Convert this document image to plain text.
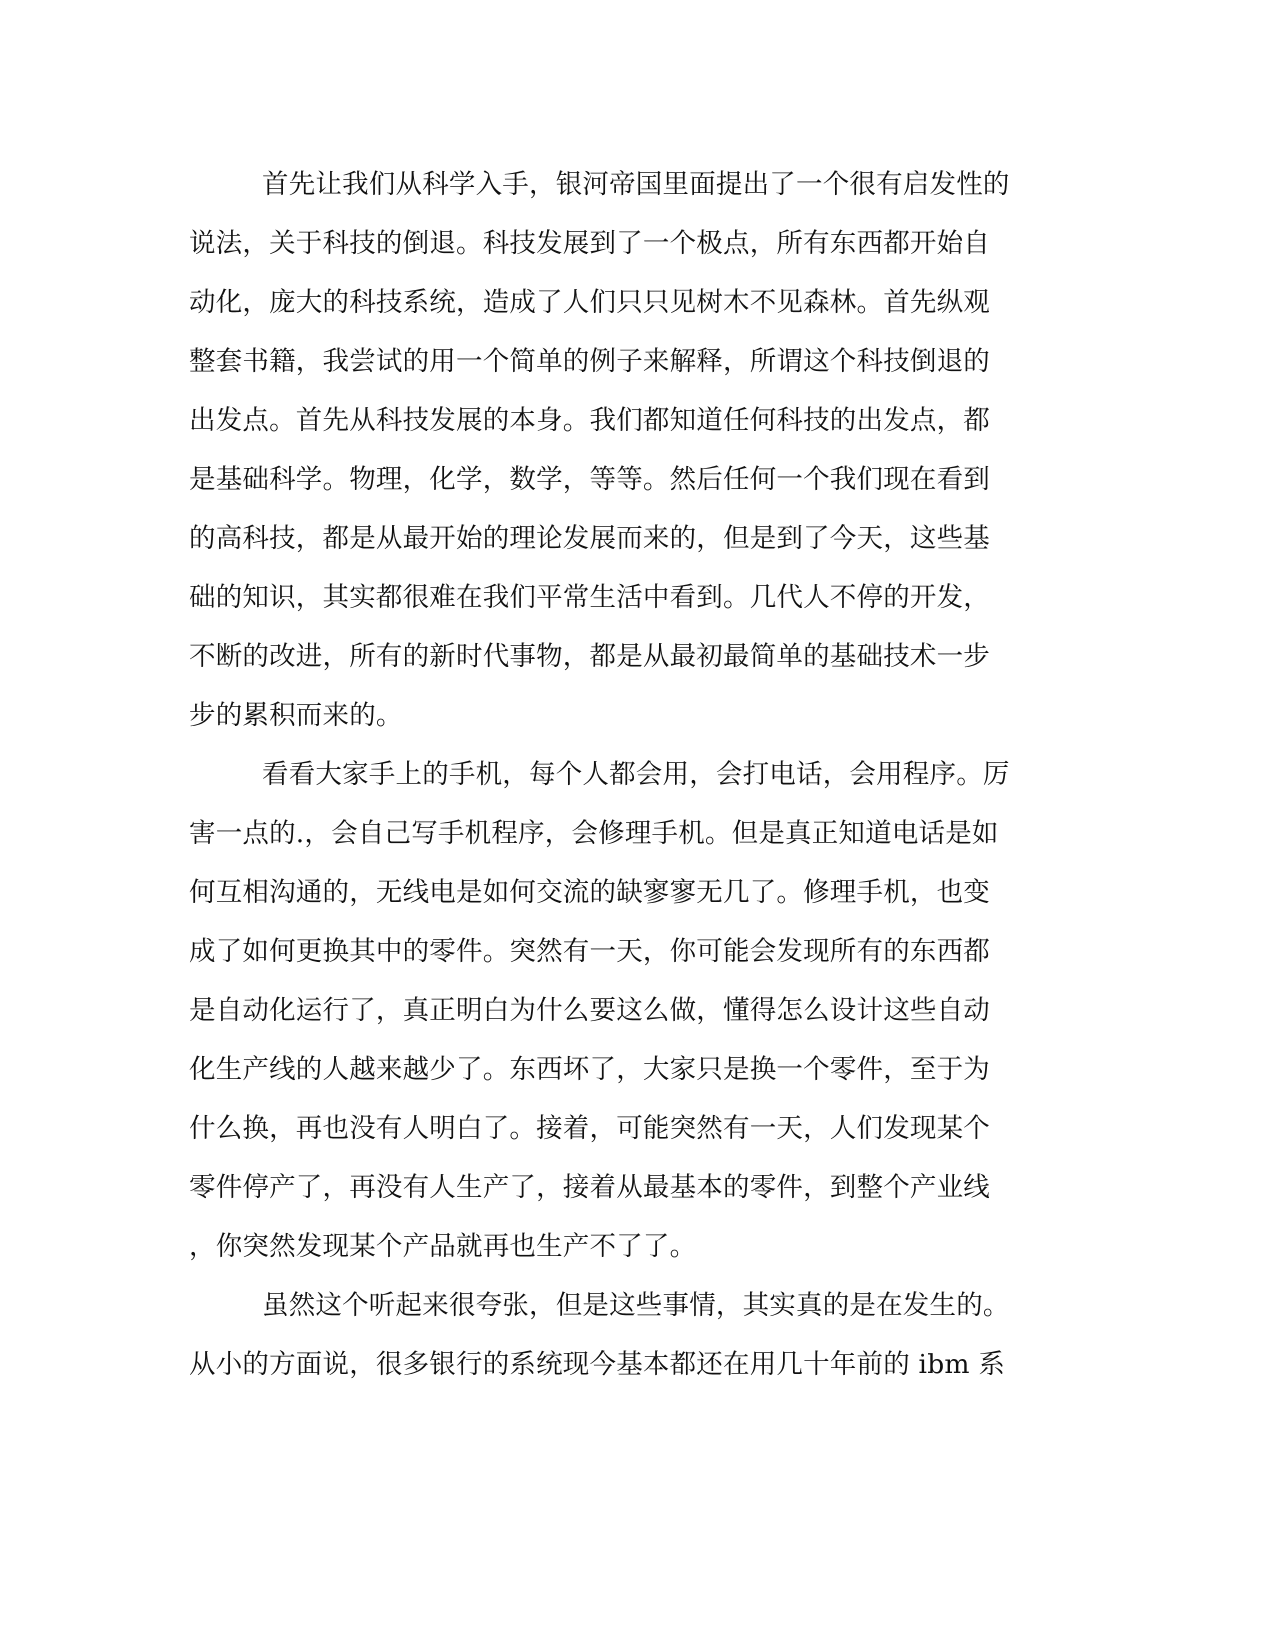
首先让我们从科学入手，银河帝国里面提出了一个很有启发性的
说法，关于科技的倒退。科技发展到了一个极点，所有东西都开始自
动化，庞大的科技系统，造成了人们只只见树木不见森林。首先纵观
整套书籍，我尝试的用一个简单的例子来解释，所谓这个科技倒退的
出发点。首先从科技发展的本身。我们都知道任何科技的出发点，都
是基础科学。物理，化学，数学，等等。然后任何一个我们现在看到
的高科技，都是从最开始的理论发展而来的，但是到了今天，这些基
础的知识，其实都很难在我们平常生活中看到。几代人不停的开发，
不断的改进，所有的新时代事物，都是从最初最简单的基础技术一步
步的累积而来的。
看看大家手上的手机，每个人都会用，会打电话，会用程序。厉
害一点的.，会自己写手机程序，会修理手机。但是真正知道电话是如
何互相沟通的，无线电是如何交流的缺寥寥无几了。修理手机，也变
成了如何更换其中的零件。突然有一天，你可能会发现所有的东西都
是自动化运行了，真正明白为什么要这么做，懂得怎么设计这些自动
化生产线的人越来越少了。东西坏了，大家只是换一个零件，至于为
什么换，再也没有人明白了。接着，可能突然有一天，人们发现某个
零件停产了，再没有人生产了，接着从最基本的零件，到整个产业线
，你突然发现某个产品就再也生产不了了。
虽然这个听起来很夸张，但是这些事情，其实真的是在发生的。
从小的方面说，很多银行的系统现今基本都还在用几十年前的 ibm 系
